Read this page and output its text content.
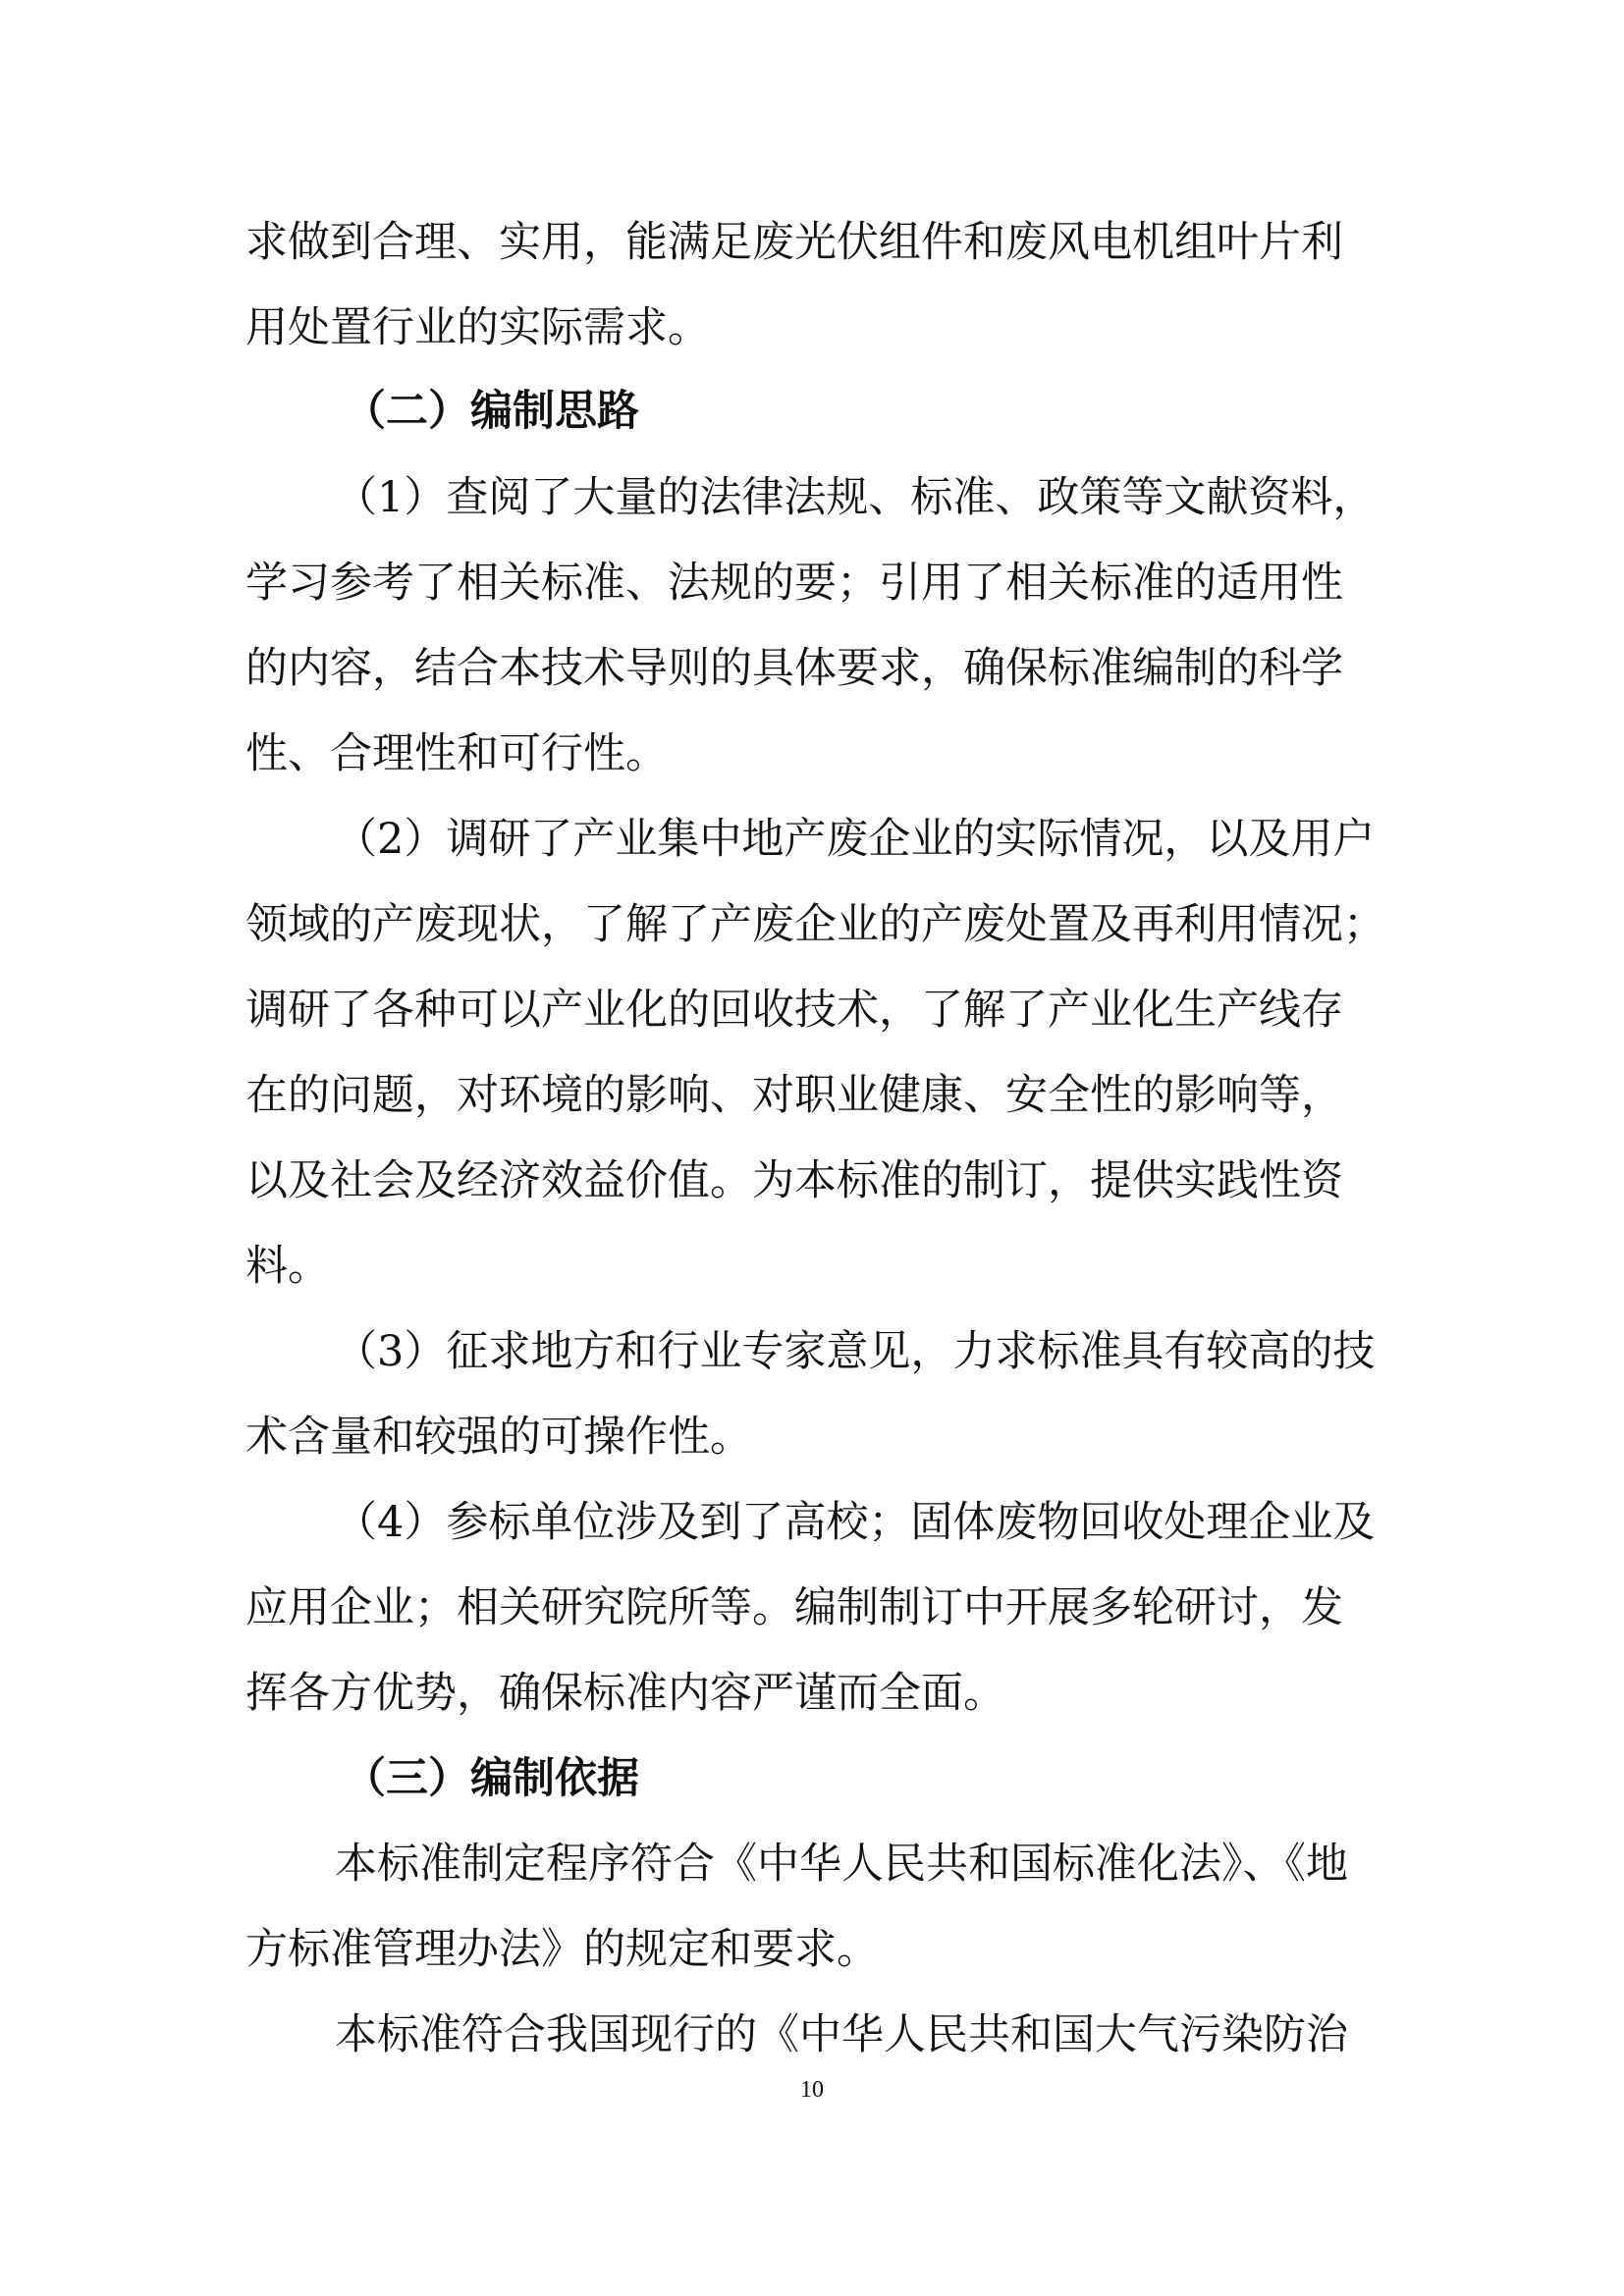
求做到合理、实用，能满足废光伏组件和废风电机组叶片利
用处置行业的实际需求。
（二）编制思路
（1）查阅了大量的法律法规、标准、政策等文献资料，
学习参考了相关标准、法规的要；引用了相关标准的适用性
的内容，结合本技术导则的具体要求，确保标准编制的科学
性、合理性和可行性。
（2）调研了产业集中地产废企业的实际情况，以及用户
领域的产废现状，了解了产废企业的产废处置及再利用情况；
调研了各种可以产业化的回收技术，了解了产业化生产线存
在的问题，对环境的影响、对职业健康、安全性的影响等，
以及社会及经济效益价值。为本标准的制订，提供实践性资
料。
（3）征求地方和行业专家意见，力求标准具有较高的技
术含量和较强的可操作性。
（4）参标单位涉及到了高校；固体废物回收处理企业及
应用企业；相关研究院所等。编制制订中开展多轮研讨，发
挥各方优势，确保标准内容严谨而全面。
（三）编制依据
本标准制定程序符合《中华人民共和国标准化法》、《地
方标准管理办法》的规定和要求。
本标准符合我国现行的《中华人民共和国大气污染防治
10
